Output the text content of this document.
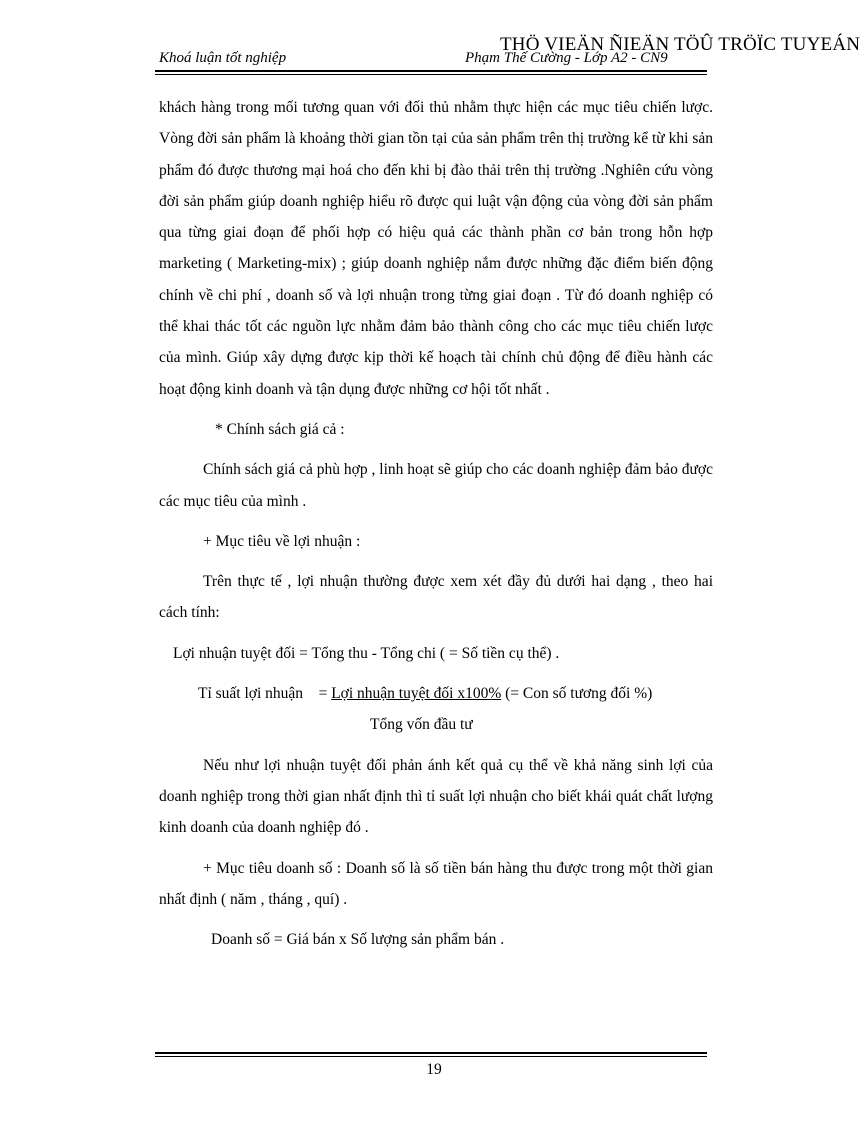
THÖ VIEÄN ÑIEÄN TÖÛ TRÖÏC TUYEÁN
Khoá luận tốt nghiệp	Phạm Thế Cường - Lớp A2 - CN9

khách hàng trong mối tương quan với đối thủ nhằm thực hiện các mục tiêu chiến lược. Vòng đời sản phẩm là khoảng thời gian tồn tại của sản phẩm trên thị trường kể từ khi sản phẩm đó được thương mại hoá cho đến khi bị đào thải trên thị trường .Nghiên cứu vòng đời sản phẩm giúp doanh nghiệp hiểu rõ được qui luật vận động của vòng đời sản phẩm qua từng giai đoạn để phối hợp có hiệu quả các thành phần cơ bản trong hỗn hợp marketing ( Marketing-mix) ; giúp doanh nghiệp nắm được những đặc điểm biến động chính về chi phí , doanh số và lợi nhuận trong từng giai đoạn . Từ đó doanh nghiệp có thể khai thác tốt các nguồn lực nhằm đảm bảo thành công cho các mục tiêu chiến lược của mình. Giúp xây dựng được kịp thời kế hoạch tài chính chủ động để điều hành các hoạt động kinh doanh và tận dụng được những cơ hội tốt nhất .

* Chính sách giá cả :

Chính sách giá cả phù hợp , linh hoạt sẽ giúp cho các doanh nghiệp đảm bảo được các mục tiêu của mình .

+ Mục tiêu về lợi nhuận :

Trên thực tế , lợi nhuận thường được xem xét đầy đủ dưới hai dạng , theo hai cách tính:

Lợi nhuận tuyệt đối = Tổng thu - Tổng chi ( = Số tiền cụ thể) .

Tỉ suất lợi nhuận = Lợi nhuận tuyệt đối x100% (= Con số tương đối %)

Tổng vốn đầu tư

Nếu như lợi nhuận tuyệt đối phản ánh kết quả cụ thể về khả năng sinh lợi của doanh nghiệp trong thời gian nhất định thì tỉ suất lợi nhuận cho biết khái quát chất lượng kinh doanh của doanh nghiệp đó .

+ Mục tiêu doanh số : Doanh số là số tiền bán hàng thu được trong một thời gian nhất định ( năm , tháng , quí) .

Doanh số = Giá bán x Số lượng sản phẩm bán .

19
